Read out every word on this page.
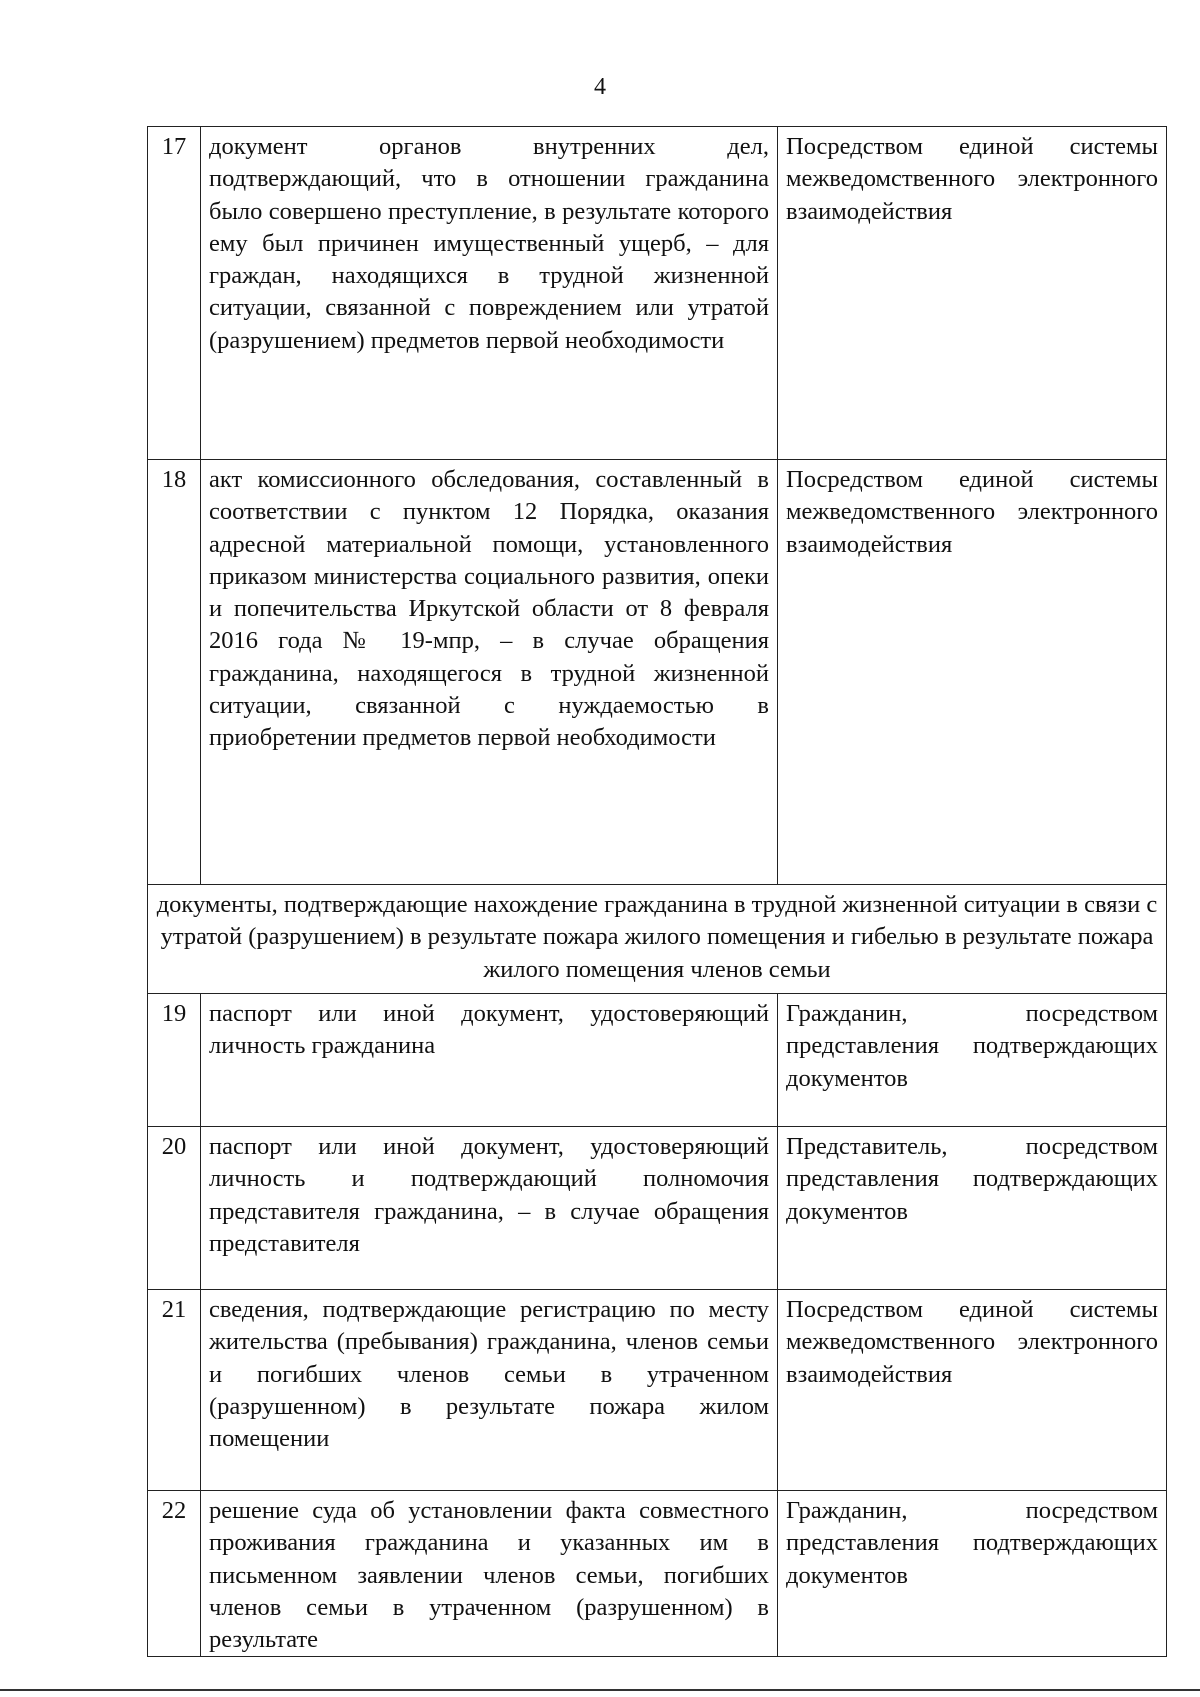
4
17	документ органов внутренних дел, подтверждающий, что в отношении гражданина было совершено преступление, в результате которого ему был причинен имущественный ущерб, – для граждан, находящихся в трудной жизненной ситуации, связанной с повреждением или утратой (разрушением) предметов первой необходимости	Посредством единой системы межведомственного электронного взаимодействия
18	акт комиссионного обследования, составленный в соответствии с пунктом 12 Порядка, оказания адресной материальной помощи, установленного приказом министерства социального развития, опеки и попечительства Иркутской области от 8 февраля 2016 года № 19-мпр, – в случае обращения гражданина, находящегося в трудной жизненной ситуации, связанной с нуждаемостью в приобретении предметов первой необходимости	Посредством единой системы межведомственного электронного взаимодействия
документы, подтверждающие нахождение гражданина в трудной жизненной ситуации в связи с утратой (разрушением) в результате пожара жилого помещения и гибелью в результате пожара жилого помещения членов семьи		
19	паспорт или иной документ, удостоверяющий личность гражданина	Гражданин, посредством представления подтверждающих документов
20	паспорт или иной документ, удостоверяющий личность и подтверждающий полномочия представителя гражданина, – в случае обращения представителя	Представитель, посредством представления подтверждающих документов
21	сведения, подтверждающие регистрацию по месту жительства (пребывания) гражданина, членов семьи и погибших членов семьи в утраченном (разрушенном) в результате пожара жилом помещении	Посредством единой системы межведомственного электронного взаимодействия
22	решение суда об установлении факта совместного проживания гражданина и указанных им в письменном заявлении членов семьи, погибших членов семьи в утраченном (разрушенном) в результате	Гражданин, посредством представления подтверждающих документов
